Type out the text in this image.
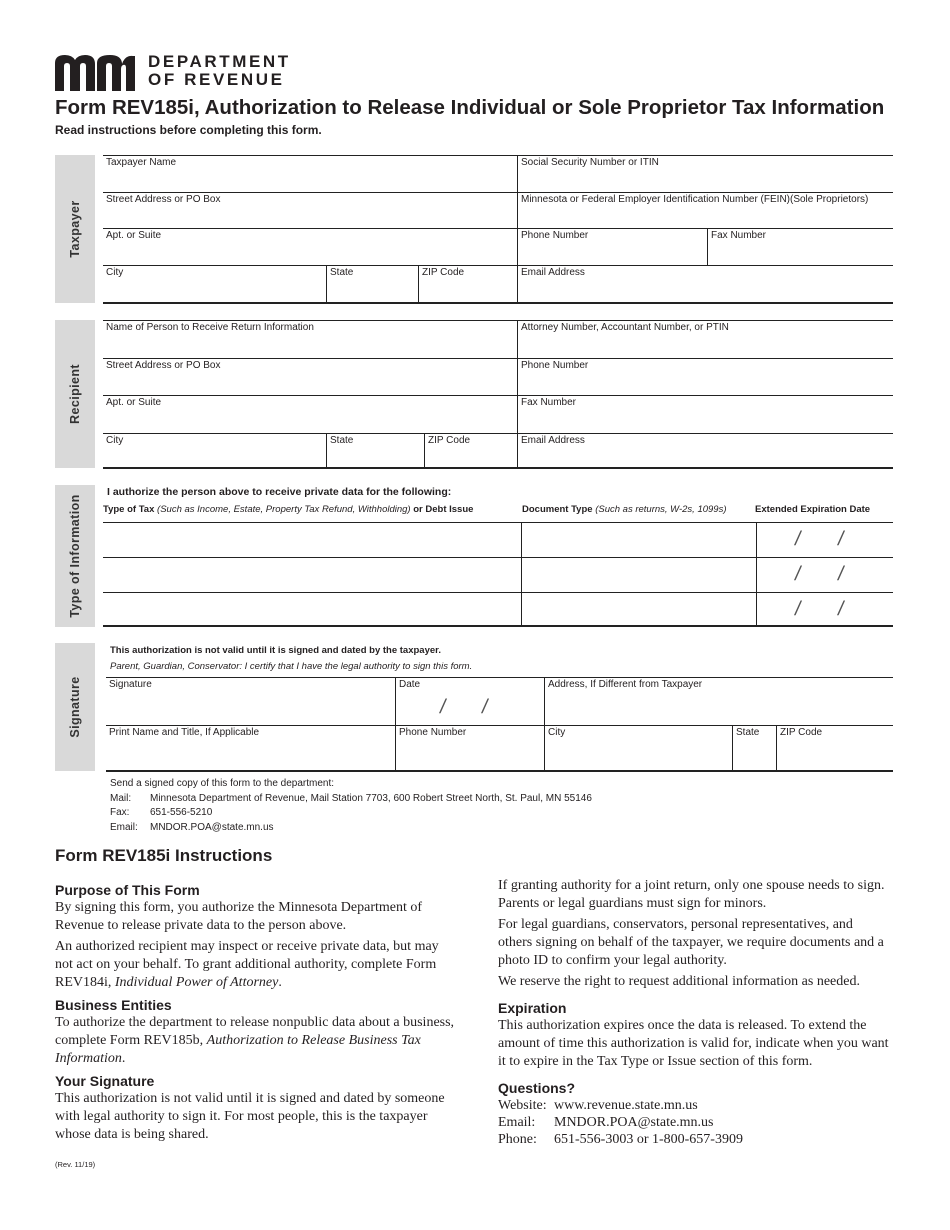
DEPARTMENT
OF REVENUE
Form REV185i, Authorization to Release Individual or Sole Proprietor Tax Information
Read instructions before completing this form.
Taxpayer
Taxpayer Name	Social Security Number or ITIN
Street Address or PO Box	Minnesota or Federal Employer Identification Number (FEIN)(Sole Proprietors)
Apt. or Suite	Phone Number	Fax Number
City	State	ZIP Code	Email Address
Recipient
Name of Person to Receive Return Information	Attorney Number, Accountant Number, or PTIN
Street Address or PO Box	Phone Number
Apt. or Suite	Fax Number
City	State	ZIP Code	Email Address
Type of Information
I authorize the person above to receive private data for the following:
Type of Tax (Such as Income, Estate, Property Tax Refund, Withholding) or Debt Issue	Document Type (Such as returns, W-2s, 1099s)	Extended Expiration Date
/ /
/ /
/ /
Signature
This authorization is not valid until it is signed and dated by the taxpayer.
Parent, Guardian, Conservator: I certify that I have the legal authority to sign this form.
Signature	Date
/ /
Address, If Different from Taxpayer
Print Name and Title, If Applicable	Phone Number	City	State	ZIP Code
Send a signed copy of this form to the department:
Mail: Minnesota Department of Revenue, Mail Station 7703, 600 Robert Street North, St. Paul, MN 55146
Fax: 651-556-5210
Email: MNDOR.POA@state.mn.us
Form REV185i Instructions
Purpose of This Form

By signing this form, you authorize the Minnesota Department of Revenue to release private data to the person above.

An authorized recipient may inspect or receive private data, but may not act on your behalf. To grant additional authority, complete Form REV184i, Individual Power of Attorney.

Business Entities

To authorize the department to release nonpublic data about a business, complete Form REV185b, Authorization to Release Business Tax Information.

Your Signature

This authorization is not valid until it is signed and dated by someone with legal authority to sign it. For most people, this is the taxpayer whose data is being shared.

If granting authority for a joint return, only one spouse needs to sign. Parents or legal guardians must sign for minors.

For legal guardians, conservators, personal representatives, and others signing on behalf of the taxpayer, we require documents and a photo ID to confirm your legal authority.

We reserve the right to request additional information as needed.

Expiration

This authorization expires once the data is released. To extend the amount of time this authorization is valid for, indicate when you want it to expire in the Tax Type or Issue section of this form.

Questions?
Website: www.revenue.state.mn.us
Email: MNDOR.POA@state.mn.us
Phone: 651-556-3003 or 1-800-657-3909
(Rev. 11/19)
